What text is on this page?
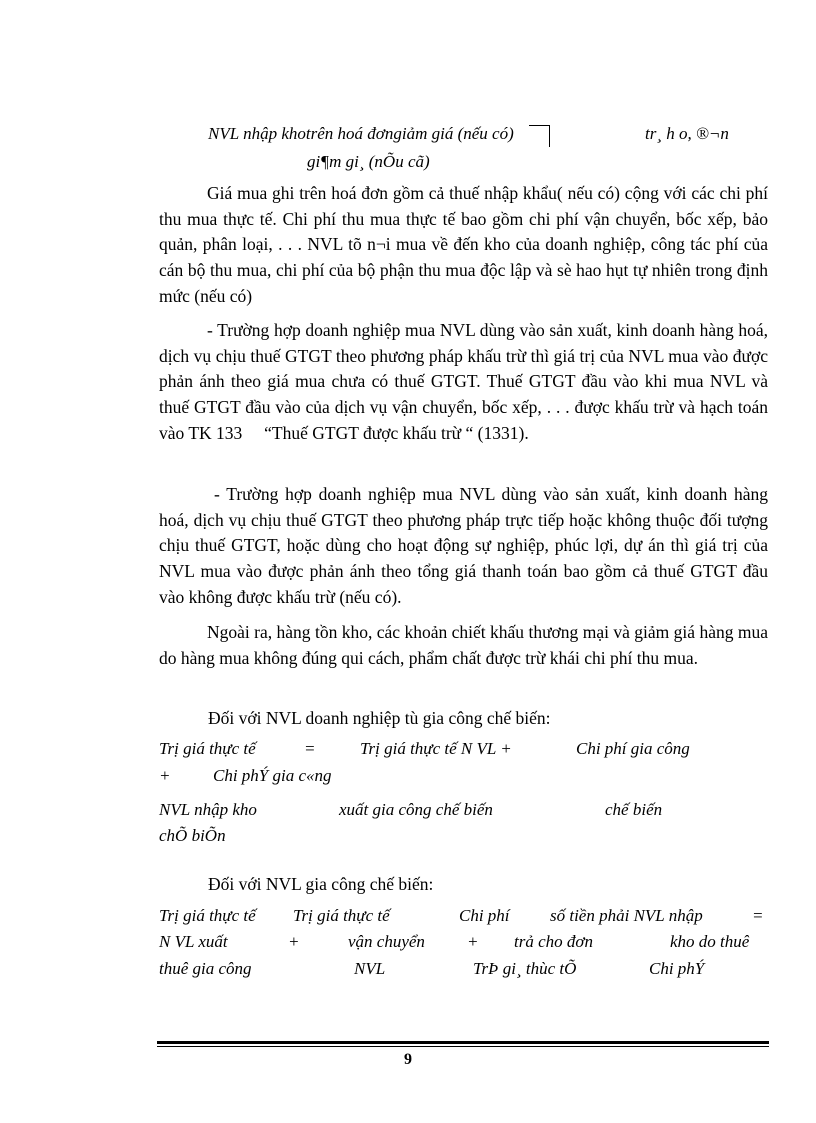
NVL nhập khotrên hoá đơngiảm giá (nếu có)	tr¸ h o, ®¬n
gi¶m gi¸ (nÕu cã)
Giá mua ghi trên hoá đơn gồm cả thuế nhập khẩu( nếu có) cộng với các chi phí thu mua thực tế. Chi phí thu mua thực tế bao gồm chi phí vận chuyển, bốc xếp, bảo quản, phân loại, . . . NVL tõ n¬i mua về đến kho của doanh nghiệp, công tác phí của cán bộ thu mua, chi phí của bộ phận thu mua độc lập và sè hao hụt tự nhiên trong định mức (nếu có)
- Trường hợp doanh nghiệp mua NVL dùng vào sản xuất, kinh doanh hàng hoá, dịch vụ chịu thuế GTGT theo phương pháp khấu trừ thì giá trị của NVL mua vào được phản ánh theo giá mua chưa có thuế GTGT. Thuế GTGT đầu vào khi mua NVL và thuế GTGT đầu vào của dịch vụ vận chuyển, bốc xếp, . . . được khấu trừ và hạch toán vào TK 133     “Thuế GTGT được khấu trừ “ (1331).
- Trường hợp doanh nghiệp mua NVL dùng vào sản xuất, kinh doanh hàng hoá, dịch vụ chịu thuế GTGT theo phương pháp trực tiếp hoặc không thuộc đối tượng chịu thuế GTGT, hoặc dùng cho hoạt động sự nghiệp, phúc lợi, dự án thì giá trị của NVL mua vào được phản ánh theo tổng giá thanh toán bao gồm cả thuế GTGT đầu vào không được khấu trừ (nếu có).
Ngoài ra, hàng tồn kho, các khoản chiết khấu thương mại và giảm giá hàng mua do hàng mua không đúng qui cách, phẩm chất được trừ khái chi phí thu mua.
Đối với NVL doanh nghiệp tù gia công chế biến:
Trị giá thực tế	=	Trị giá thực tế N VL +	Chi phí gia công
+	Chi phÝ gia c«ng
NVL nhập kho	xuất gia công chế biến	chế biến
chÕ biÕn
Đối với NVL gia công chế biến:
Trị giá thực tế Trị giá thực tế	Chi phí số tiền phải NVL nhập	=
N VL xuất	+	vận chuyển + trả cho đơn	kho do thuê
thuê gia công	NVL	TrÞ gi¸ thùc tÕ	Chi phÝ
9
